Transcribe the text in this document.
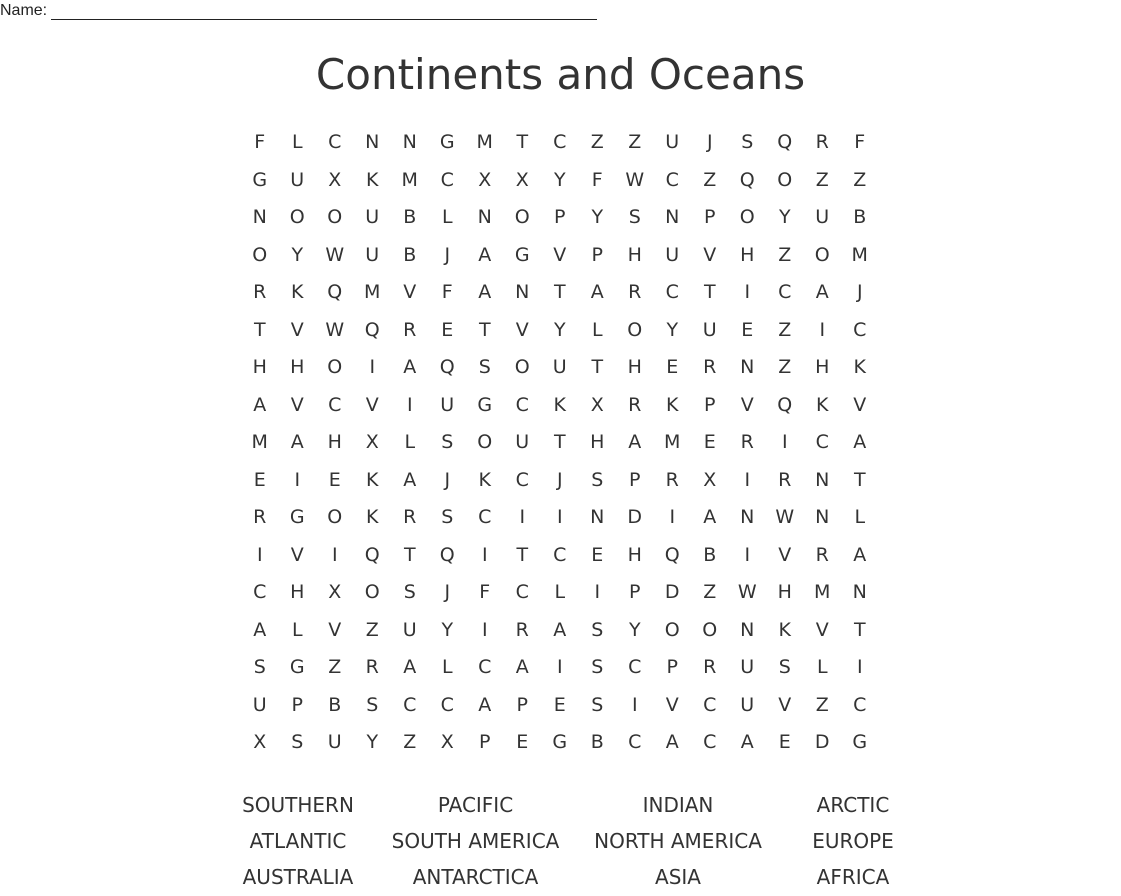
Name:
Continents and Oceans
F	L	C	N	N	G	M	T	C	Z	Z	U	J	S	Q	R	F
G	U	X	K	M	C	X	X	Y	F	W	C	Z	Q	O	Z	Z
N	O	O	U	B	L	N	O	P	Y	S	N	P	O	Y	U	B
O	Y	W	U	B	J	A	G	V	P	H	U	V	H	Z	O	M
R	K	Q	M	V	F	A	N	T	A	R	C	T	I	C	A	J
T	V	W	Q	R	E	T	V	Y	L	O	Y	U	E	Z	I	C
H	H	O	I	A	Q	S	O	U	T	H	E	R	N	Z	H	K
A	V	C	V	I	U	G	C	K	X	R	K	P	V	Q	K	V
M	A	H	X	L	S	O	U	T	H	A	M	E	R	I	C	A
E	I	E	K	A	J	K	C	J	S	P	R	X	I	R	N	T
R	G	O	K	R	S	C	I	I	N	D	I	A	N	W	N	L
I	V	I	Q	T	Q	I	T	C	E	H	Q	B	I	V	R	A
C	H	X	O	S	J	F	C	L	I	P	D	Z	W	H	M	N
A	L	V	Z	U	Y	I	R	A	S	Y	O	O	N	K	V	T
S	G	Z	R	A	L	C	A	I	S	C	P	R	U	S	L	I
U	P	B	S	C	C	A	P	E	S	I	V	C	U	V	Z	C
X	S	U	Y	Z	X	P	E	G	B	C	A	C	A	E	D	G
SOUTHERN	PACIFIC	INDIAN	ARCTIC
ATLANTIC	SOUTH AMERICA	NORTH AMERICA	EUROPE
AUSTRALIA	ANTARCTICA	ASIA	AFRICA
